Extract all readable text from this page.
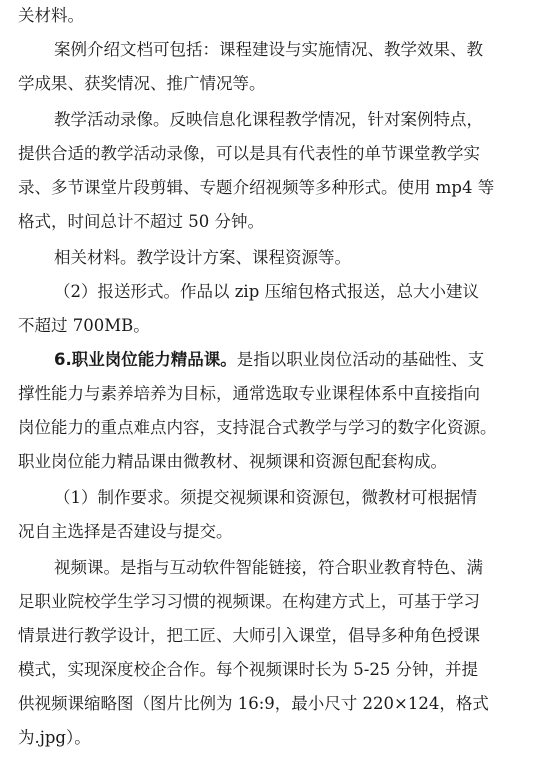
关材料。
案例介绍文档可包括：课程建设与实施情况、教学效果、教
学成果、获奖情况、推广情况等。
教学活动录像。反映信息化课程教学情况，针对案例特点，
提供合适的教学活动录像，可以是具有代表性的单节课堂教学实
录、多节课堂片段剪辑、专题介绍视频等多种形式。使用 mp4 等
格式，时间总计不超过 50 分钟。
相关材料。教学设计方案、课程资源等。
（2）报送形式。作品以 zip 压缩包格式报送，总大小建议
不超过 700MB。
6.职业岗位能力精品课。是指以职业岗位活动的基础性、支
撑性能力与素养培养为目标，通常选取专业课程体系中直接指向
岗位能力的重点难点内容，支持混合式教学与学习的数字化资源。
职业岗位能力精品课由微教材、视频课和资源包配套构成。
（1）制作要求。须提交视频课和资源包，微教材可根据情
况自主选择是否建设与提交。
视频课。是指与互动软件智能链接，符合职业教育特色、满
足职业院校学生学习习惯的视频课。在构建方式上，可基于学习
情景进行教学设计，把工匠、大师引入课堂，倡导多种角色授课
模式，实现深度校企合作。每个视频课时长为 5-25 分钟，并提
供视频课缩略图（图片比例为 16:9，最小尺寸 220×124，格式
为.jpg）。
